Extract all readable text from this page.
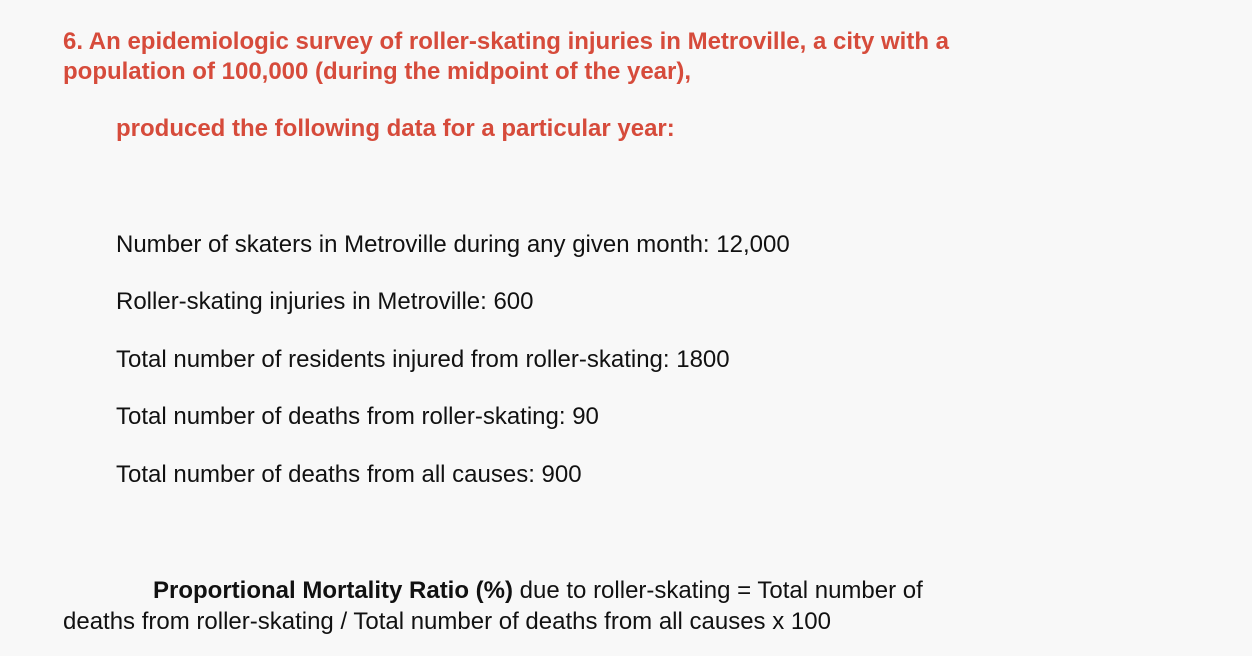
6. An epidemiologic survey of roller-skating injuries in Metroville, a city with a

population of 100,000 (during the midpoint of the year),

produced the following data for a particular year:

Number of skaters in Metroville during any given month: 12,000

Roller-skating injuries in Metroville: 600

Total number of residents injured from roller-skating: 1800

Total number of deaths from roller-skating: 90

Total number of deaths from all causes: 900

Proportional Mortality Ratio (%) due to roller-skating = Total number of

deaths from roller-skating / Total number of deaths from all causes x 100
